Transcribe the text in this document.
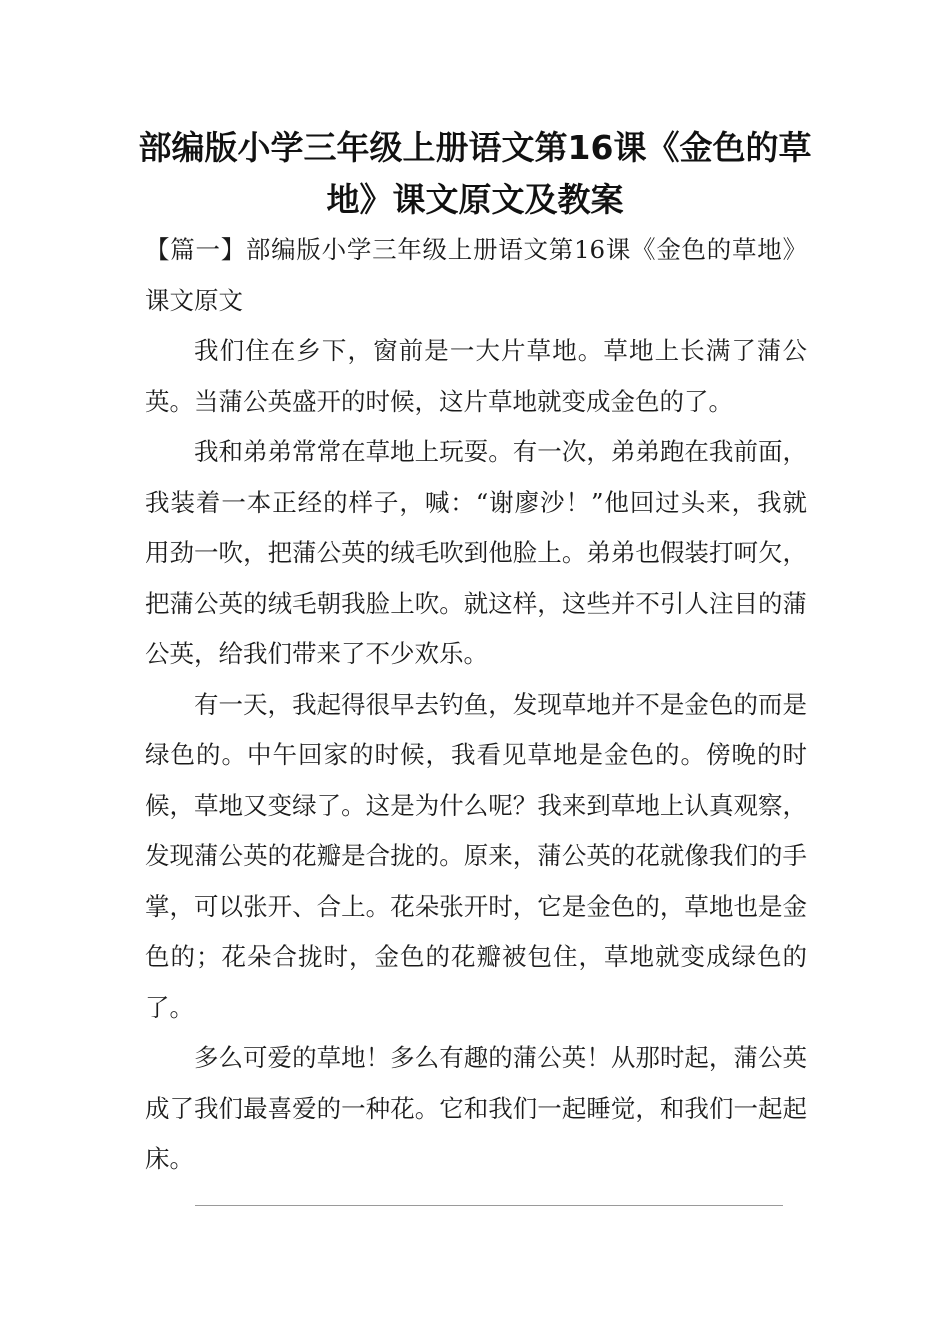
部编版小学三年级上册语文第16课《金色的草地》课文原文及教案

【篇一】部编版小学三年级上册语文第16课《金色的草地》课文原文

我们住在乡下，窗前是一大片草地。草地上长满了蒲公英。当蒲公英盛开的时候，这片草地就变成金色的了。

我和弟弟常常在草地上玩耍。有一次，弟弟跑在我前面，我装着一本正经的样子，喊：“谢廖沙！”他回过头来，我就用劲一吹，把蒲公英的绒毛吹到他脸上。弟弟也假装打呵欠，把蒲公英的绒毛朝我脸上吹。就这样，这些并不引人注目的蒲公英，给我们带来了不少欢乐。

有一天，我起得很早去钓鱼，发现草地并不是金色的而是绿色的。中午回家的时候，我看见草地是金色的。傍晚的时候，草地又变绿了。这是为什么呢？我来到草地上认真观察，发现蒲公英的花瓣是合拢的。原来，蒲公英的花就像我们的手掌，可以张开、合上。花朵张开时，它是金色的，草地也是金色的；花朵合拢时，金色的花瓣被包住，草地就变成绿色的了。

多么可爱的草地！多么有趣的蒲公英！从那时起，蒲公英成了我们最喜爱的一种花。它和我们一起睡觉，和我们一起起床。
